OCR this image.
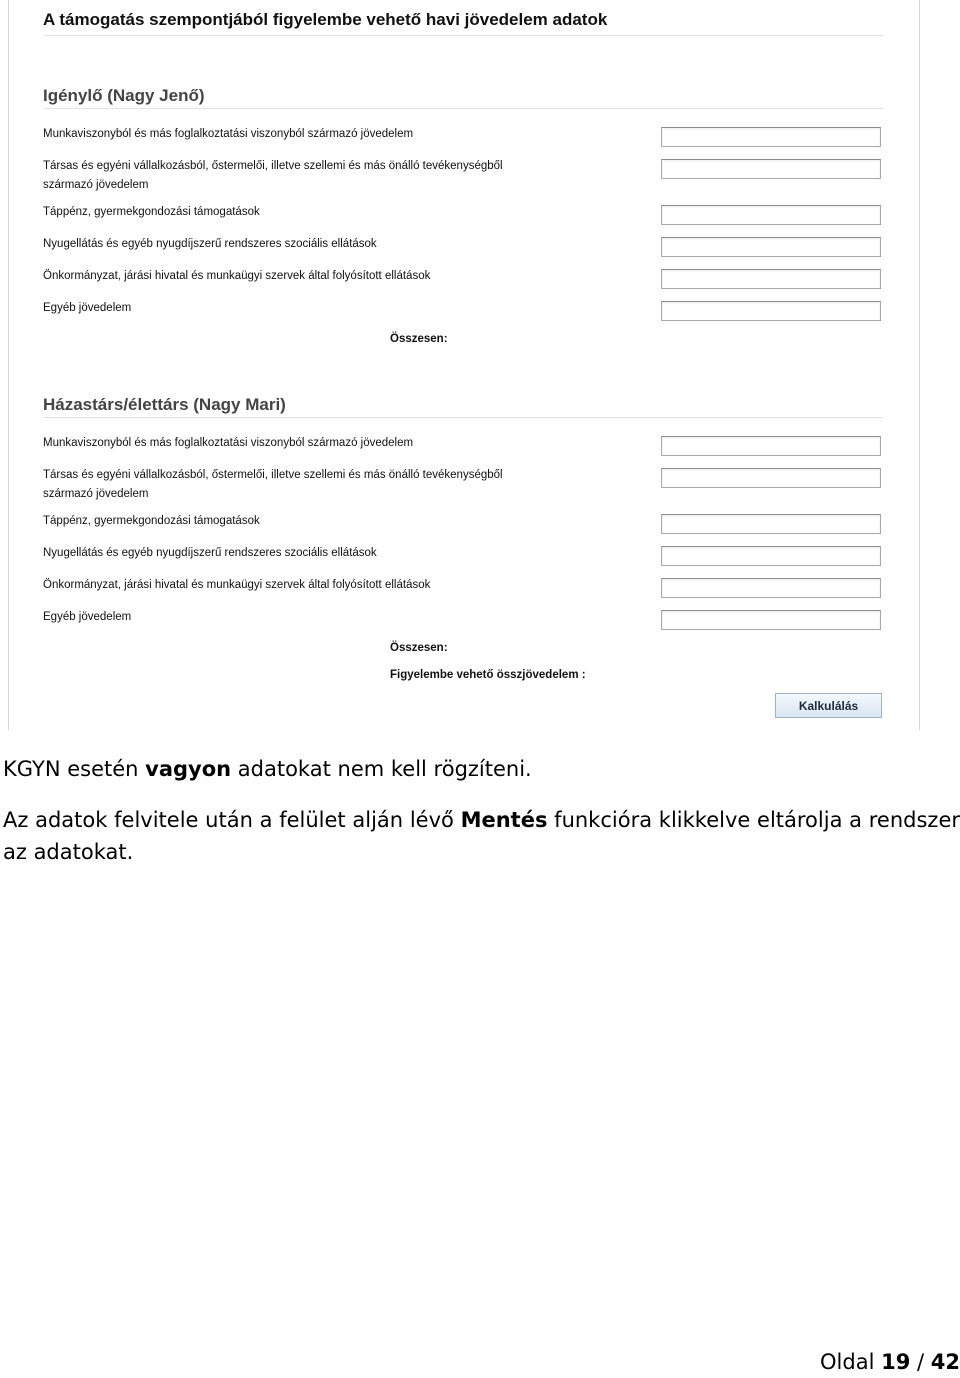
A támogatás szempontjából figyelembe vehető havi jövedelem adatok
Igénylő (Nagy Jenő)
Munkaviszonyból és más foglalkoztatási viszonyból származó jövedelem
Társas és egyéni vállalkozásból, őstermelői, illetve szellemi és más önálló tevékenységből származó jövedelem
Táppénz, gyermekgondozási támogatások
Nyugellátás és egyéb nyugdíjszerű rendszeres szociális ellátások
Önkormányzat, járási hivatal és munkaügyi szervek által folyósított ellátások
Egyéb jövedelem
Összesen:
Házastárs/élettárs (Nagy Mari)
Munkaviszonyból és más foglalkoztatási viszonyból származó jövedelem
Társas és egyéni vállalkozásból, őstermelői, illetve szellemi és más önálló tevékenységből származó jövedelem
Táppénz, gyermekgondozási támogatások
Nyugellátás és egyéb nyugdíjszerű rendszeres szociális ellátások
Önkormányzat, járási hivatal és munkaügyi szervek által folyósított ellátások
Egyéb jövedelem
Összesen:
Figyelembe vehető összjövedelem :
Kalkulálás
KGYN esetén vagyon adatokat nem kell rögzíteni.
Az adatok felvitele után a felület alján lévő Mentés funkcióra klikkelve eltárolja a rendszer az adatokat.
Oldal 19 / 42
